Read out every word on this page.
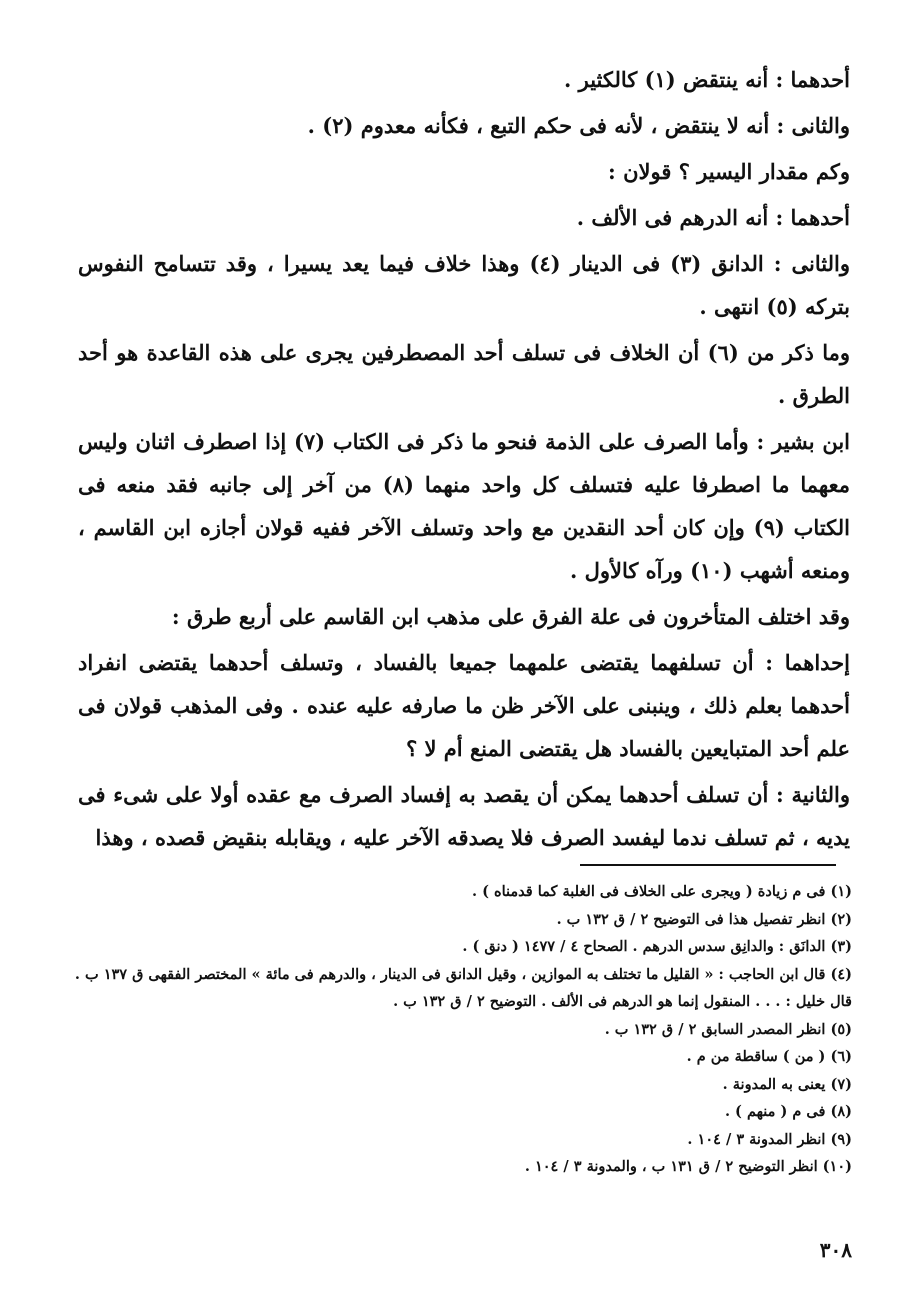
أحدهما : أنه ينتقض (١) كالكثير .

والثانى : أنه لا ينتقض ، لأنه فى حكم التبع ، فكأنه معدوم (٢) .

وكم مقدار اليسير ؟ قولان :

أحدهما : أنه الدرهم فى الألف .

والثانى : الدانق (٣) فى الدينار (٤) وهذا خلاف فيما يعد يسيرا ، وقد تتسامح النفوس بتركه (٥) انتهى .

وما ذكر من (٦) أن الخلاف فى تسلف أحد المصطرفين يجرى على هذه القاعدة هو أحد الطرق .

ابن بشير : وأما الصرف على الذمة فنحو ما ذكر فى الكتاب (٧) إذا اصطرف اثنان وليس معهما ما اصطرفا عليه فتسلف كل واحد منهما (٨) من آخر إلى جانبه فقد منعه فى الكتاب (٩) وإن كان أحد النقدين مع واحد وتسلف الآخر ففيه قولان أجازه ابن القاسم ، ومنعه أشهب (١٠) ورآه كالأول .

وقد اختلف المتأخرون فى علة الفرق على مذهب ابن القاسم على أربع طرق :

إحداهما : أن تسلفهما يقتضى علمهما جميعا بالفساد ، وتسلف أحدهما يقتضى انفراد أحدهما بعلم ذلك ، وينبنى على الآخر ظن ما صارفه عليه عنده . وفى المذهب قولان فى علم أحد المتبايعين بالفساد هل يقتضى المنع أم لا ؟

والثانية : أن تسلف أحدهما يمكن أن يقصد به إفساد الصرف مع عقده أولا على شىء فى يديه ، ثم تسلف ندما ليفسد الصرف فلا يصدقه الآخر عليه ، ويقابله بنقيض قصده ، وهذا

(١) فى م زيادة ( ويجرى على الخلاف فى الغلبة كما قدمناه ) .

(٢) انظر تفصيل هذا فى التوضيح ٢ / ق ١٣٢ ب .

(٣) الدانَق : والدانِق سدس الدرهم . الصحاح ٤ / ١٤٧٧ ( دنق ) .

(٤) قال ابن الحاجب : « القليل ما تختلف به الموازين ، وقيل الدانق فى الدينار ، والدرهم فى مائة » المختصر الفقهى ق ١٣٧ ب . قال خليل : . . . المنقول إنما هو الدرهم فى الألف . التوضيح ٢ / ق ١٣٢ ب .

(٥) انظر المصدر السابق ٢ / ق ١٣٢ ب .

(٦) ( من ) ساقطة من م .

(٧) يعنى به المدونة .

(٨) فى م ( منهم ) .

(٩) انظر المدونة ٣ / ١٠٤ .

(١٠) انظر التوضيح ٢ / ق ١٣١ ب ، والمدونة ٣ / ١٠٤ .

٣٠٨
